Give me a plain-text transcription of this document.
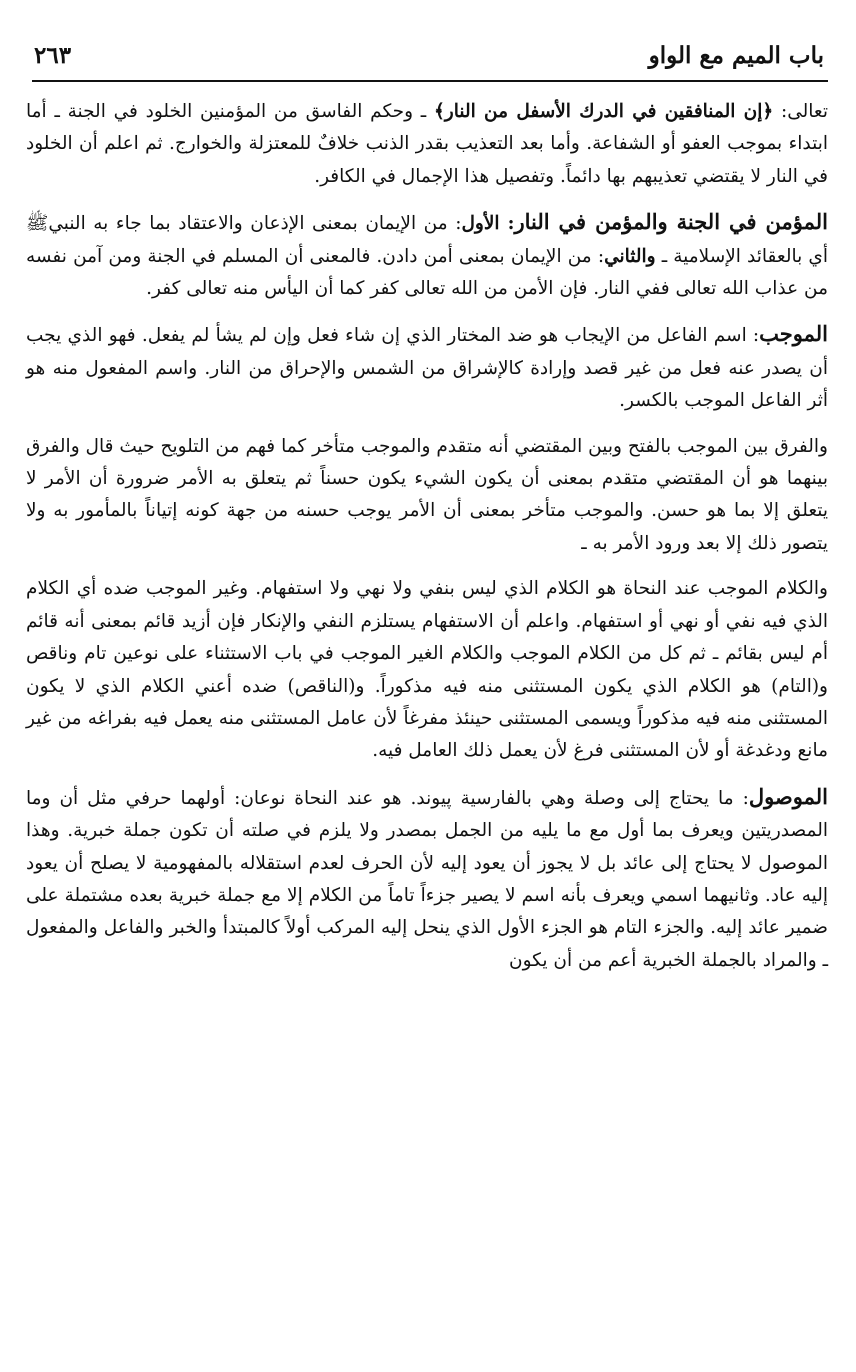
باب الميم مع الواو
٢٦٣

تعالى: ﴿إن المنافقين في الدرك الأسفل من النار﴾ ـ وحكم الفاسق من المؤمنين الخلود في الجنة ـ أما ابتداء بموجب العفو أو الشفاعة. وأما بعد التعذيب بقدر الذنب خلافٌ للمعتزلة والخوارج. ثم اعلم أن الخلود في النار لا يقتضي تعذيبهم بها دائماً. وتفصيل هذا الإجمال في الكافر.

المؤمن في الجنة والمؤمن في النار: الأول: من الإيمان بمعنى الإذعان والاعتقاد بما جاء به النبيﷺ أي بالعقائد الإسلامية ـ والثاني: من الإيمان بمعنى أمن دادن. فالمعنى أن المسلم في الجنة ومن آمن نفسه من عذاب الله تعالى ففي النار. فإن الأمن من الله تعالى كفر كما أن اليأس منه تعالى كفر.

الموجب: اسم الفاعل من الإيجاب هو ضد المختار الذي إن شاء فعل وإن لم يشأ لم يفعل. فهو الذي يجب أن يصدر عنه فعل من غير قصد وإرادة كالإشراق من الشمس والإحراق من النار. واسم المفعول منه هو أثر الفاعل الموجب بالكسر.

والفرق بين الموجب بالفتح وبين المقتضي أنه متقدم والموجب متأخر كما فهم من التلويح حيث قال والفرق بينهما هو أن المقتضي متقدم بمعنى أن يكون الشيء يكون حسناً ثم يتعلق به الأمر ضرورة أن الأمر لا يتعلق إلا بما هو حسن. والموجب متأخر بمعنى أن الأمر يوجب حسنه من جهة كونه إتياناً بالمأمور به ولا يتصور ذلك إلا بعد ورود الأمر به ـ

والكلام الموجب عند النحاة هو الكلام الذي ليس بنفي ولا نهي ولا استفهام. وغير الموجب ضده أي الكلام الذي فيه نفي أو نهي أو استفهام. واعلم أن الاستفهام يستلزم النفي والإنكار فإن أزيد قائم بمعنى أنه قائم أم ليس بقائم ـ ثم كل من الكلام الموجب والكلام الغير الموجب في باب الاستثناء على نوعين تام وناقص و(التام) هو الكلام الذي يكون المستثنى منه فيه مذكوراً. و(الناقص) ضده أعني الكلام الذي لا يكون المستثنى منه فيه مذكوراً ويسمى المستثنى حينئذ مفرغاً لأن عامل المستثنى منه يعمل فيه بفراغه من غير مانع ودغدغة أو لأن المستثنى فرغ لأن يعمل ذلك العامل فيه.

الموصول: ما يحتاج إلى وصلة وهي بالفارسية پيوند. هو عند النحاة نوعان: أولهما حرفي مثل أن وما المصدريتين ويعرف بما أول مع ما يليه من الجمل بمصدر ولا يلزم في صلته أن تكون جملة خبرية. وهذا الموصول لا يحتاج إلى عائد بل لا يجوز أن يعود إليه لأن الحرف لعدم استقلاله بالمفهومية لا يصلح أن يعود إليه عاد. وثانيهما اسمي ويعرف بأنه اسم لا يصير جزءاً تاماً من الكلام إلا مع جملة خبرية بعده مشتملة على ضمير عائد إليه. والجزء التام هو الجزء الأول الذي ينحل إليه المركب أولاً كالمبتدأ والخبر والفاعل والمفعول ـ والمراد بالجملة الخبرية أعم من أن يكون
